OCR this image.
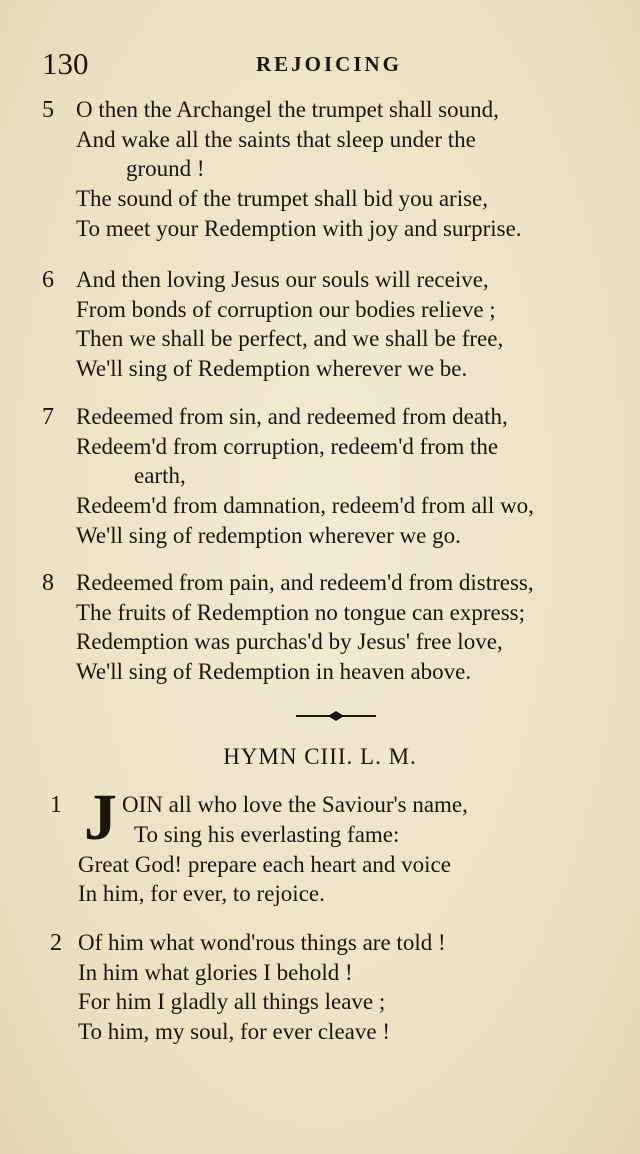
130	REJOICING
5 O then the Archangel the trumpet shall sound,
And wake all the saints that sleep under the
ground !
The sound of the trumpet shall bid you arise,
To meet your Redemption with joy and surprise.
6 And then loving Jesus our souls will receive,
From bonds of corruption our bodies relieve ;
Then we shall be perfect, and we shall be free,
We'll sing of Redemption wherever we be.
7 Redeemed from sin, and redeemed from death,
Redeem'd from corruption, redeem'd from the
earth,
Redeem'd from damnation, redeem'd from all wo,
We'll sing of redemption wherever we go.
8 Redeemed from pain, and redeem'd from distress,
The fruits of Redemption no tongue can express;
Redemption was purchas'd by Jesus' free love,
We'll sing of Redemption in heaven above.
HYMN CIII. L. M.
1 J OIN all who love the Saviour's name,
To sing his everlasting fame:
Great God! prepare each heart and voice
In him, for ever, to rejoice.
2 Of him what wond'rous things are told !
In him what glories I behold !
For him I gladly all things leave ;
To him, my soul, for ever cleave !
